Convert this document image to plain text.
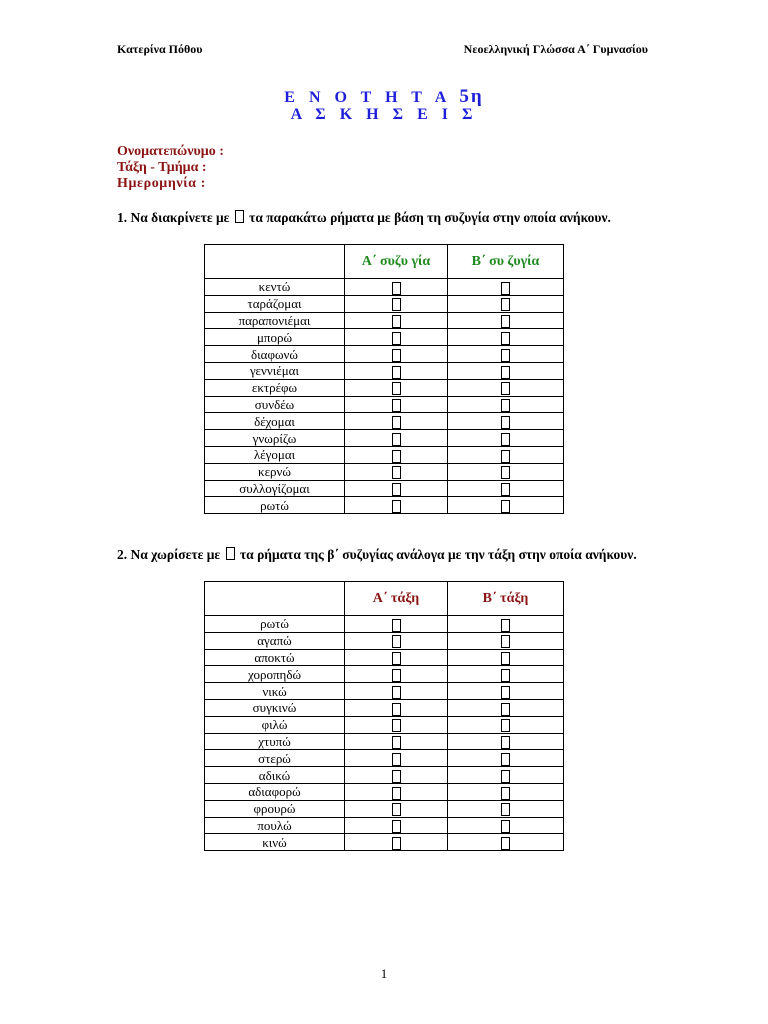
Κατερίνα Πόθου	Νεοελληνική Γλώσσα Α΄ Γυμνασίου
Ε Ν Ο Τ Η Τ Α 5η
Α Σ Κ Η Σ Ε Ι Σ
Ονοματεπώνυμο :
Τάξη - Τμήμα :
Ημερομηνία :
1. Να διακρίνετε με τα παρακάτω ρήματα με βάση τη συζυγία στην οποία ανήκουν.
	Α΄ συζυ γία	Β΄ συ ζυγία
κεντώ		
ταράζομαι		
παραπονιέμαι		
μπορώ		
διαφωνώ		
γεννιέμαι		
εκτρέφω		
συνδέω		
δέχομαι		
γνωρίζω		
λέγομαι		
κερνώ		
συλλογίζομαι		
ρωτώ		
2. Να χωρίσετε με τα ρήματα της β΄ συζυγίας ανάλογα με την τάξη στην οποία ανήκουν.
	Α΄ τάξη	Β΄ τάξη
ρωτώ		
αγαπώ		
αποκτώ		
χοροπηδώ		
νικώ		
συγκινώ		
φιλώ		
χτυπώ		
στερώ		
αδικώ		
αδιαφορώ		
φρουρώ		
πουλώ		
κινώ		
1
